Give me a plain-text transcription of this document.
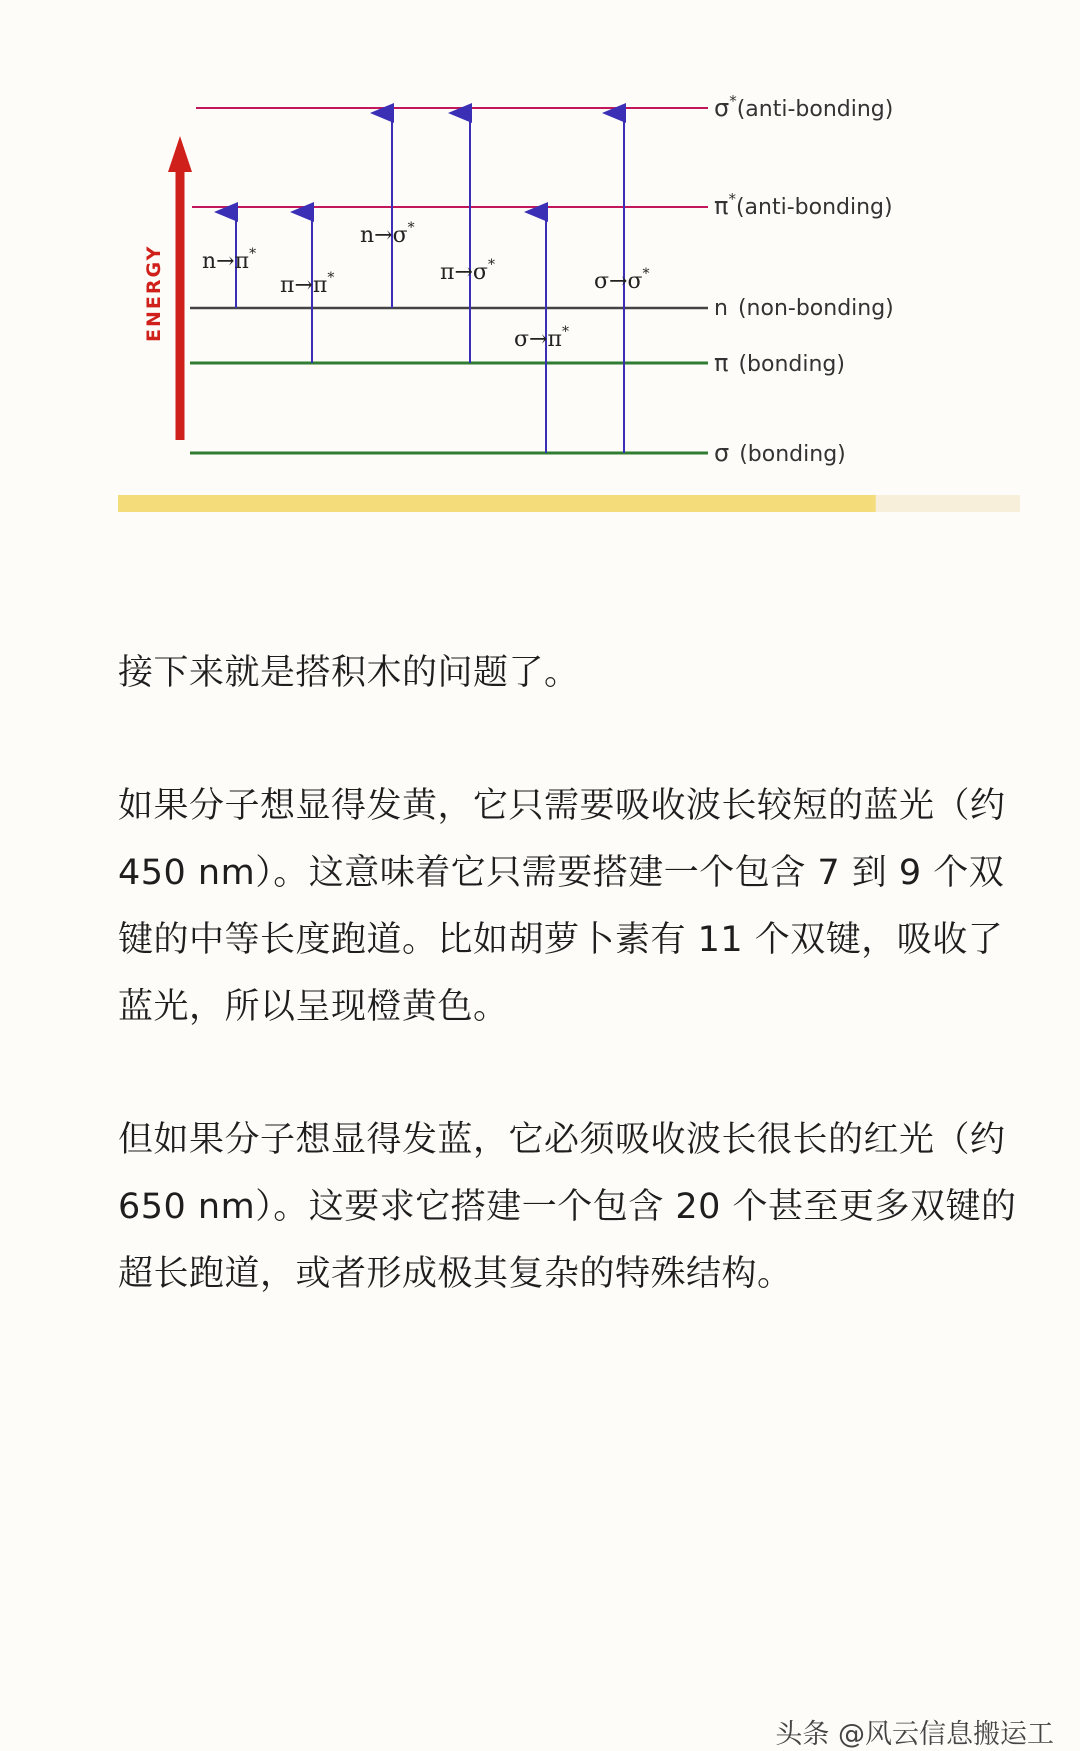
ENERGY
σ*(anti-bonding)
π*(anti-bonding)
n (non-bonding)
π (bonding)
σ (bonding)
n→π*
π→π*
n→σ*
π→σ*
σ→π*
σ→σ*

接下来就是搭积木的问题了。

如果分子想显得发黄，它只需要吸收波长较短的蓝光（约 450 nm）。这意味着它只需要搭建一个包含 7 到 9 个双键的中等长度跑道。比如胡萝卜素有 11 个双键，吸收了蓝光，所以呈现橙黄色。

但如果分子想显得发蓝，它必须吸收波长很长的红光（约 650 nm）。这要求它搭建一个包含 20 个甚至更多双键的超长跑道，或者形成极其复杂的特殊结构。

头条 @风云信息搬运工
